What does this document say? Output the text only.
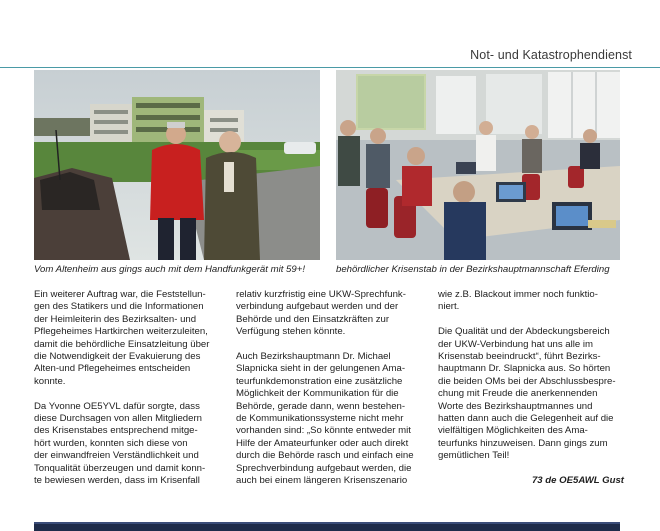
Not- und Katastrophendienst
Vom Altenheim aus gings auch mit dem Handfunkgerät mit 59+!	behördlicher Krisenstab in der Bezirkshauptmannschaft Eferding

Ein weiterer Auftrag war, die Feststellun-
gen des Statikers und die Informationen
der Heimleiterin des Bezirksalten- und
Pflegeheimes Hartkirchen weiterzuleiten,
damit die behördliche Einsatzleitung über
die Notwendigkeit der Evakuierung des
Alten-und Pflegeheimes entscheiden
konnte.

Da Yvonne OE5YVL dafür sorgte, dass
diese Durchsagen von allen Mitgliedern
des Krisenstabes entsprechend mitge-
hört wurden, konnten sich diese von
der einwandfreien Verständlichkeit und
Tonqualität überzeugen und damit konn-
te bewiesen werden, dass im Krisenfall

relativ kurzfristig eine UKW-Sprechfunk-
verbindung aufgebaut werden und der
Behörde und den Einsatzkräften zur
Verfügung stehen könnte.

Auch Bezirkshauptmann Dr. Michael
Slapnicka sieht in der gelungenen Ama-
teurfunkdemonstration eine zusätzliche
Möglichkeit der Kommunikation für die
Behörde, gerade dann, wenn bestehen-
de Kommunikationssysteme nicht mehr
vorhanden sind: „So könnte entweder mit
Hilfe der Amateurfunker oder auch direkt
durch die Behörde rasch und einfach eine
Sprechverbindung aufgebaut werden, die
auch bei einem längeren Krisenszenario

wie z.B. Blackout immer noch funktio-
niert.

Die Qualität und der Abdeckungsbereich
der UKW-Verbindung hat uns alle im
Krisenstab beeindruckt“, führt Bezirks-
hauptmann Dr. Slapnicka aus. So hörten
die beiden OMs bei der Abschlussbespre-
chung mit Freude die anerkennenden
Worte des Bezirkshauptmannes und
hatten dann auch die Gelegenheit auf die
vielfältigen Möglichkeiten des Ama-
teurfunks hinzuweisen. Dann gings zum
gemütlichen Teil!

73 de OE5AWL Gust
